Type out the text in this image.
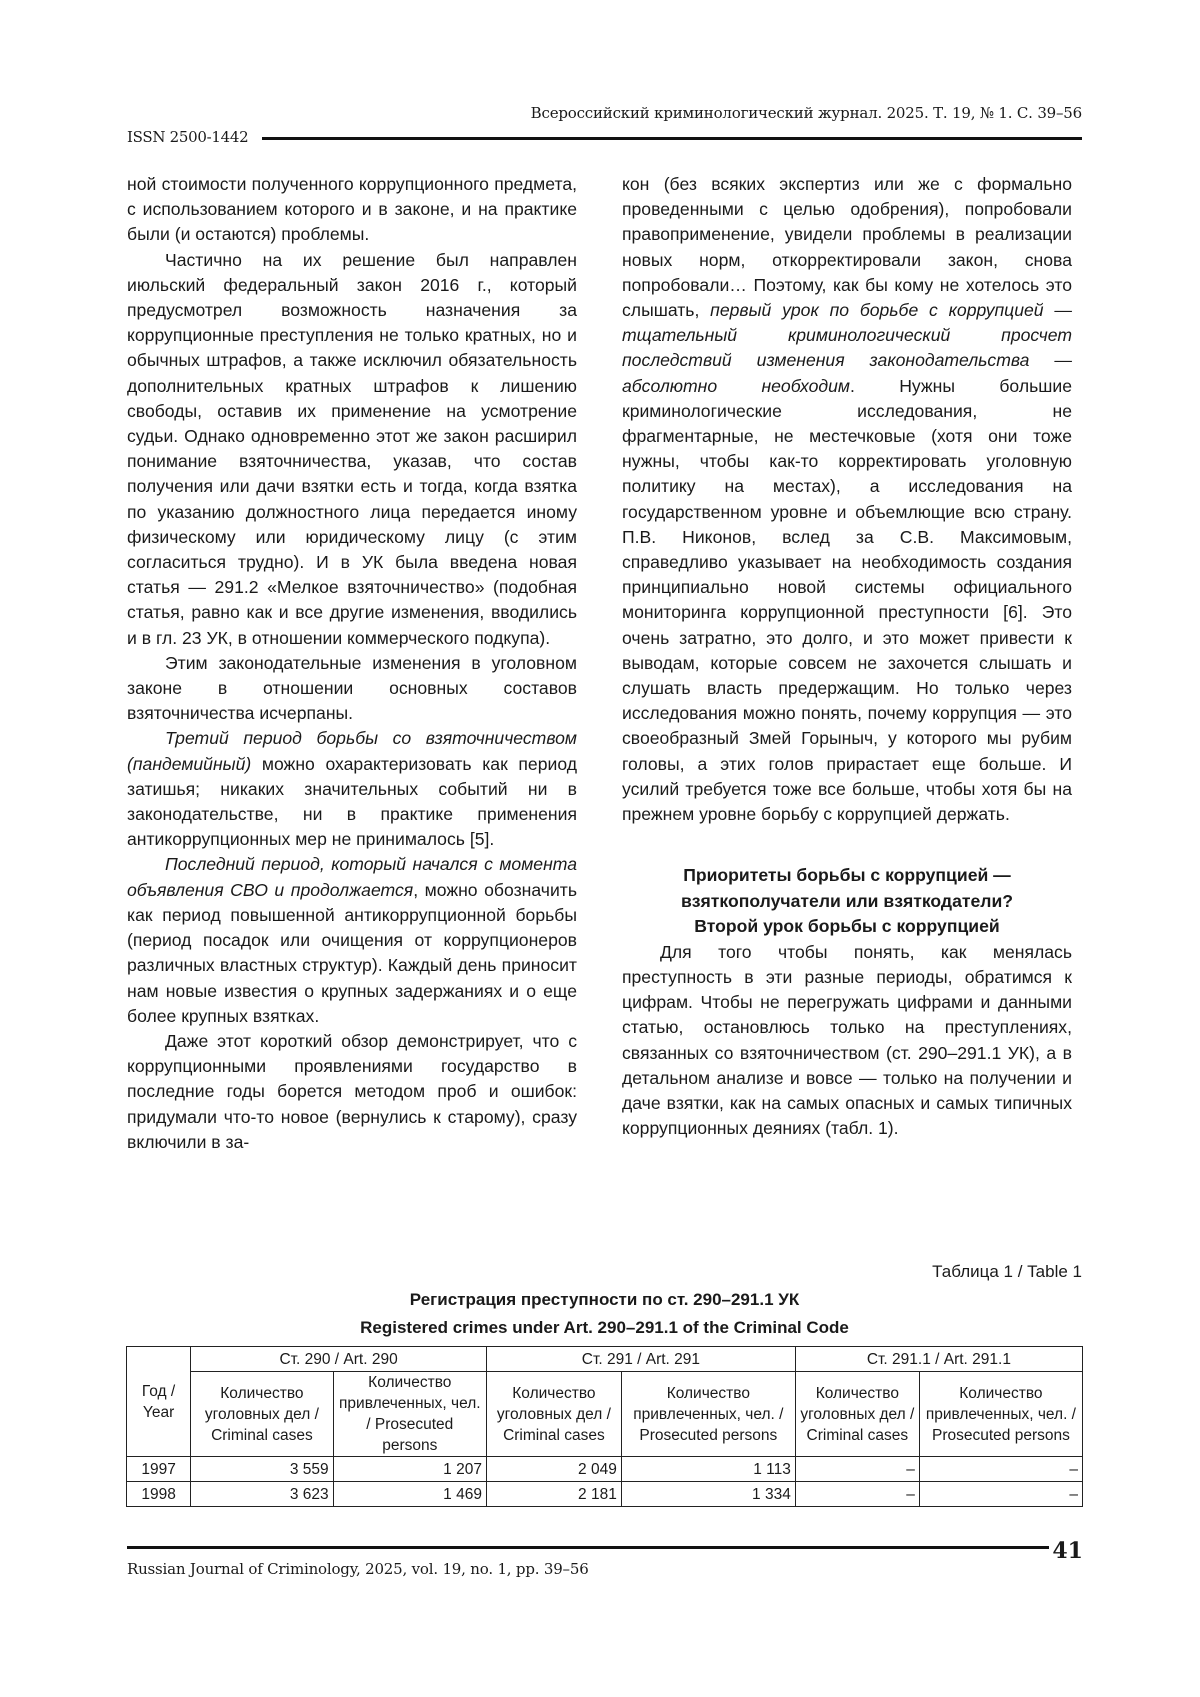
Всероссийский криминологический журнал. 2025. Т. 19, № 1. С. 39–56
ISSN 2500-1442

ной стоимости полученного коррупционного предмета, с использованием которого и в законе, и на практике были (и остаются) проблемы.

Частично на их решение был направлен июльский федеральный закон 2016 г., который предусмотрел возможность назначения за коррупционные преступления не только кратных, но и обычных штрафов, а также исключил обязательность дополнительных кратных штрафов к лишению свободы, оставив их применение на усмотрение судьи. Однако одновременно этот же закон расширил понимание взяточничества, указав, что состав получения или дачи взятки есть и тогда, когда взятка по указанию должностного лица передается иному физическому или юридическому лицу (с этим согласиться трудно). И в УК была введена новая статья — 291.2 «Мелкое взяточничество» (подобная статья, равно как и все другие изменения, вводились и в гл. 23 УК, в отношении коммерческого подкупа).

Этим законодательные изменения в уголовном законе в отношении основных составов взяточничества исчерпаны.

Третий период борьбы со взяточничеством (пандемийный) можно охарактеризовать как период затишья; никаких значительных событий ни в законодательстве, ни в практике применения антикоррупционных мер не принималось [5].

Последний период, который начался с момента объявления СВО и продолжается, можно обозначить как период повышенной антикоррупционной борьбы (период посадок или очищения от коррупционеров различных властных структур). Каждый день приносит нам новые известия о крупных задержаниях и о еще более крупных взятках.

Даже этот короткий обзор демонстрирует, что с коррупционными проявлениями государство в последние годы борется методом проб и ошибок: придумали что-то новое (вернулись к старому), сразу включили в за-

кон (без всяких экспертиз или же с формально проведенными с целью одобрения), попробовали правоприменение, увидели проблемы в реализации новых норм, откорректировали закон, снова попробовали… Поэтому, как бы кому не хотелось это слышать, первый урок по борьбе с коррупцией — тщательный криминологический просчет последствий изменения законодательства — абсолютно необходим. Нужны большие криминологические исследования, не фрагментарные, не местечковые (хотя они тоже нужны, чтобы как-то корректировать уголовную политику на местах), а исследования на государственном уровне и объемлющие всю страну. П.В. Никонов, вслед за С.В. Максимовым, справедливо указывает на необходимость создания принципиально новой системы официального мониторинга коррупционной преступности [6]. Это очень затратно, это долго, и это может привести к выводам, которые совсем не захочется слышать и слушать власть предержащим. Но только через исследования можно понять, почему коррупция — это своеобразный Змей Горыныч, у которого мы рубим головы, а этих голов прирастает еще больше. И усилий требуется тоже все больше, чтобы хотя бы на прежнем уровне борьбу с коррупцией держать.

Приоритеты борьбы с коррупцией —
взяткополучатели или взяткодатели?
Второй урок борьбы с коррупцией

Для того чтобы понять, как менялась преступность в эти разные периоды, обратимся к цифрам. Чтобы не перегружать цифрами и данными статью, остановлюсь только на преступлениях, связанных со взяточничеством (ст. 290–291.1 УК), а в детальном анализе и вовсе — только на получении и даче взятки, как на самых опасных и самых типичных коррупционных деяниях (табл. 1).

Таблица 1 / Table 1
Регистрация преступности по ст. 290–291.1 УК
Registered crimes under Art. 290–291.1 of the Criminal Code
Год / Year	Ст. 290 / Art. 290		Ст. 291 / Art. 291		Ст. 291.1 / Art. 291.1	
	Количество уголовных дел / Criminal cases	Количество привлеченных, чел. / Prosecuted persons	Количество уголовных дел / Criminal cases	Количество привлеченных, чел. / Prosecuted persons	Количество уголовных дел / Criminal cases	Количество привлеченных, чел. / Prosecuted persons
1997	3 559	1 207	2 049	1 113	–	–
1998	3 623	1 469	2 181	1 334	–	–
41
Russian Journal of Criminology, 2025, vol. 19, no. 1, pp. 39–56
